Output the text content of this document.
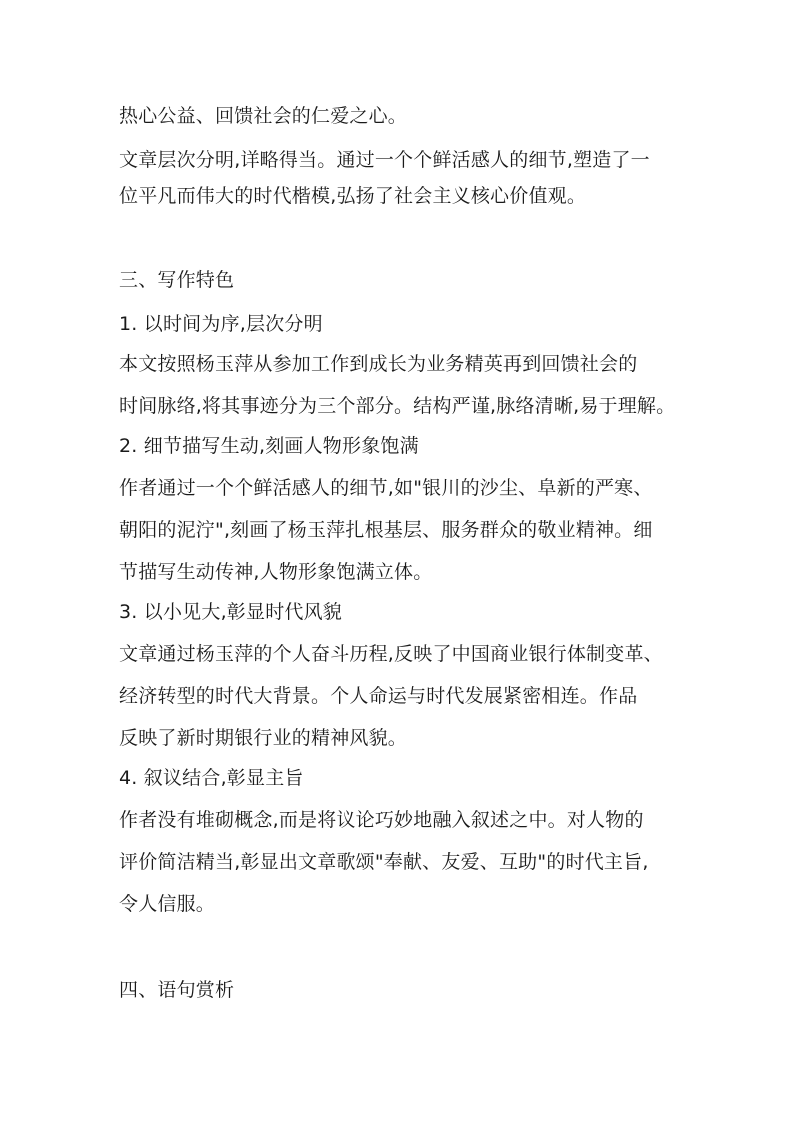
热心公益、回馈社会的仁爱之心。
文章层次分明,详略得当。通过一个个鲜活感人的细节,塑造了一
位平凡而伟大的时代楷模,弘扬了社会主义核心价值观。
三、写作特色
1. 以时间为序,层次分明
本文按照杨玉萍从参加工作到成长为业务精英再到回馈社会的
时间脉络,将其事迹分为三个部分。结构严谨,脉络清晰,易于理解。
2. 细节描写生动,刻画人物形象饱满
作者通过一个个鲜活感人的细节,如"银川的沙尘、阜新的严寒、
朝阳的泥泞",刻画了杨玉萍扎根基层、服务群众的敬业精神。细
节描写生动传神,人物形象饱满立体。
3. 以小见大,彰显时代风貌
文章通过杨玉萍的个人奋斗历程,反映了中国商业银行体制变革、
经济转型的时代大背景。个人命运与时代发展紧密相连。作品
反映了新时期银行业的精神风貌。
4. 叙议结合,彰显主旨
作者没有堆砌概念,而是将议论巧妙地融入叙述之中。对人物的
评价简洁精当,彰显出文章歌颂"奉献、友爱、互助"的时代主旨,
令人信服。
四、语句赏析
